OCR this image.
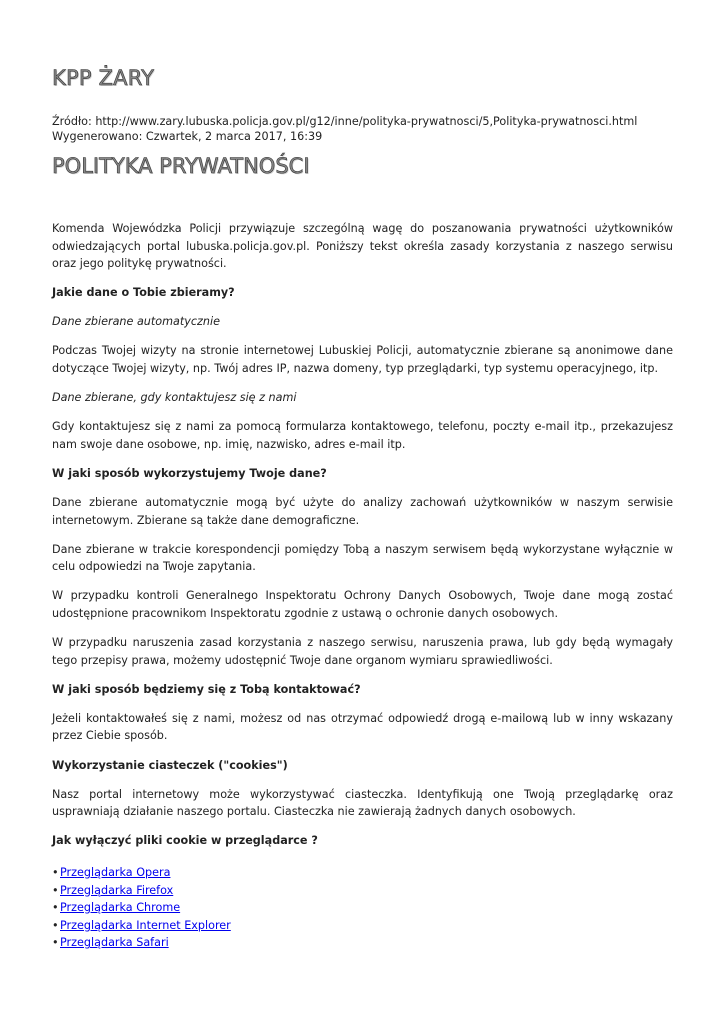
KPP ŻARY
Źródło: http://www.zary.lubuska.policja.gov.pl/g12/inne/polityka-prywatnosci/5,Polityka-prywatnosci.html
Wygenerowano: Czwartek, 2 marca 2017, 16:39
POLITYKA PRYWATNOŚCI

Komenda Wojewódzka Policji przywiązuje szczególną wagę do poszanowania prywatności użytkowników odwiedzających portal lubuska.policja.gov.pl. Poniższy tekst określa zasady korzystania z naszego serwisu oraz jego politykę prywatności.

Jakie dane o Tobie zbieramy?

Dane zbierane automatycznie

Podczas Twojej wizyty na stronie internetowej Lubuskiej Policji, automatycznie zbierane są anonimowe dane dotyczące Twojej wizyty, np. Twój adres IP, nazwa domeny, typ przeglądarki, typ systemu operacyjnego, itp.

Dane zbierane, gdy kontaktujesz się z nami

Gdy kontaktujesz się z nami za pomocą formularza kontaktowego, telefonu, poczty e-mail itp., przekazujesz nam swoje dane osobowe, np. imię, nazwisko, adres e-mail itp.

W jaki sposób wykorzystujemy Twoje dane?

Dane zbierane automatycznie mogą być użyte do analizy zachowań użytkowników w naszym serwisie internetowym. Zbierane są także dane demograficzne.

Dane zbierane w trakcie korespondencji pomiędzy Tobą a naszym serwisem będą wykorzystane wyłącznie w celu odpowiedzi na Twoje zapytania.

W przypadku kontroli Generalnego Inspektoratu Ochrony Danych Osobowych, Twoje dane mogą zostać udostępnione pracownikom Inspektoratu zgodnie z ustawą o ochronie danych osobowych.

W przypadku naruszenia zasad korzystania z naszego serwisu, naruszenia prawa, lub gdy będą wymagały tego przepisy prawa, możemy udostępnić Twoje dane organom wymiaru sprawiedliwości.

W jaki sposób będziemy się z Tobą kontaktować?

Jeżeli kontaktowałeś się z nami, możesz od nas otrzymać odpowiedź drogą e-mailową lub w inny wskazany przez Ciebie sposób.

Wykorzystanie ciasteczek ("cookies")

Nasz portal internetowy może wykorzystywać ciasteczka. Identyfikują one Twoją przeglądarkę oraz usprawniają działanie naszego portalu. Ciasteczka nie zawierają żadnych danych osobowych.

Jak wyłączyć pliki cookie w przeglądarce ?

• Przeglądarka Opera
• Przeglądarka Firefox
• Przeglądarka Chrome
• Przeglądarka Internet Explorer
• Przeglądarka Safari
